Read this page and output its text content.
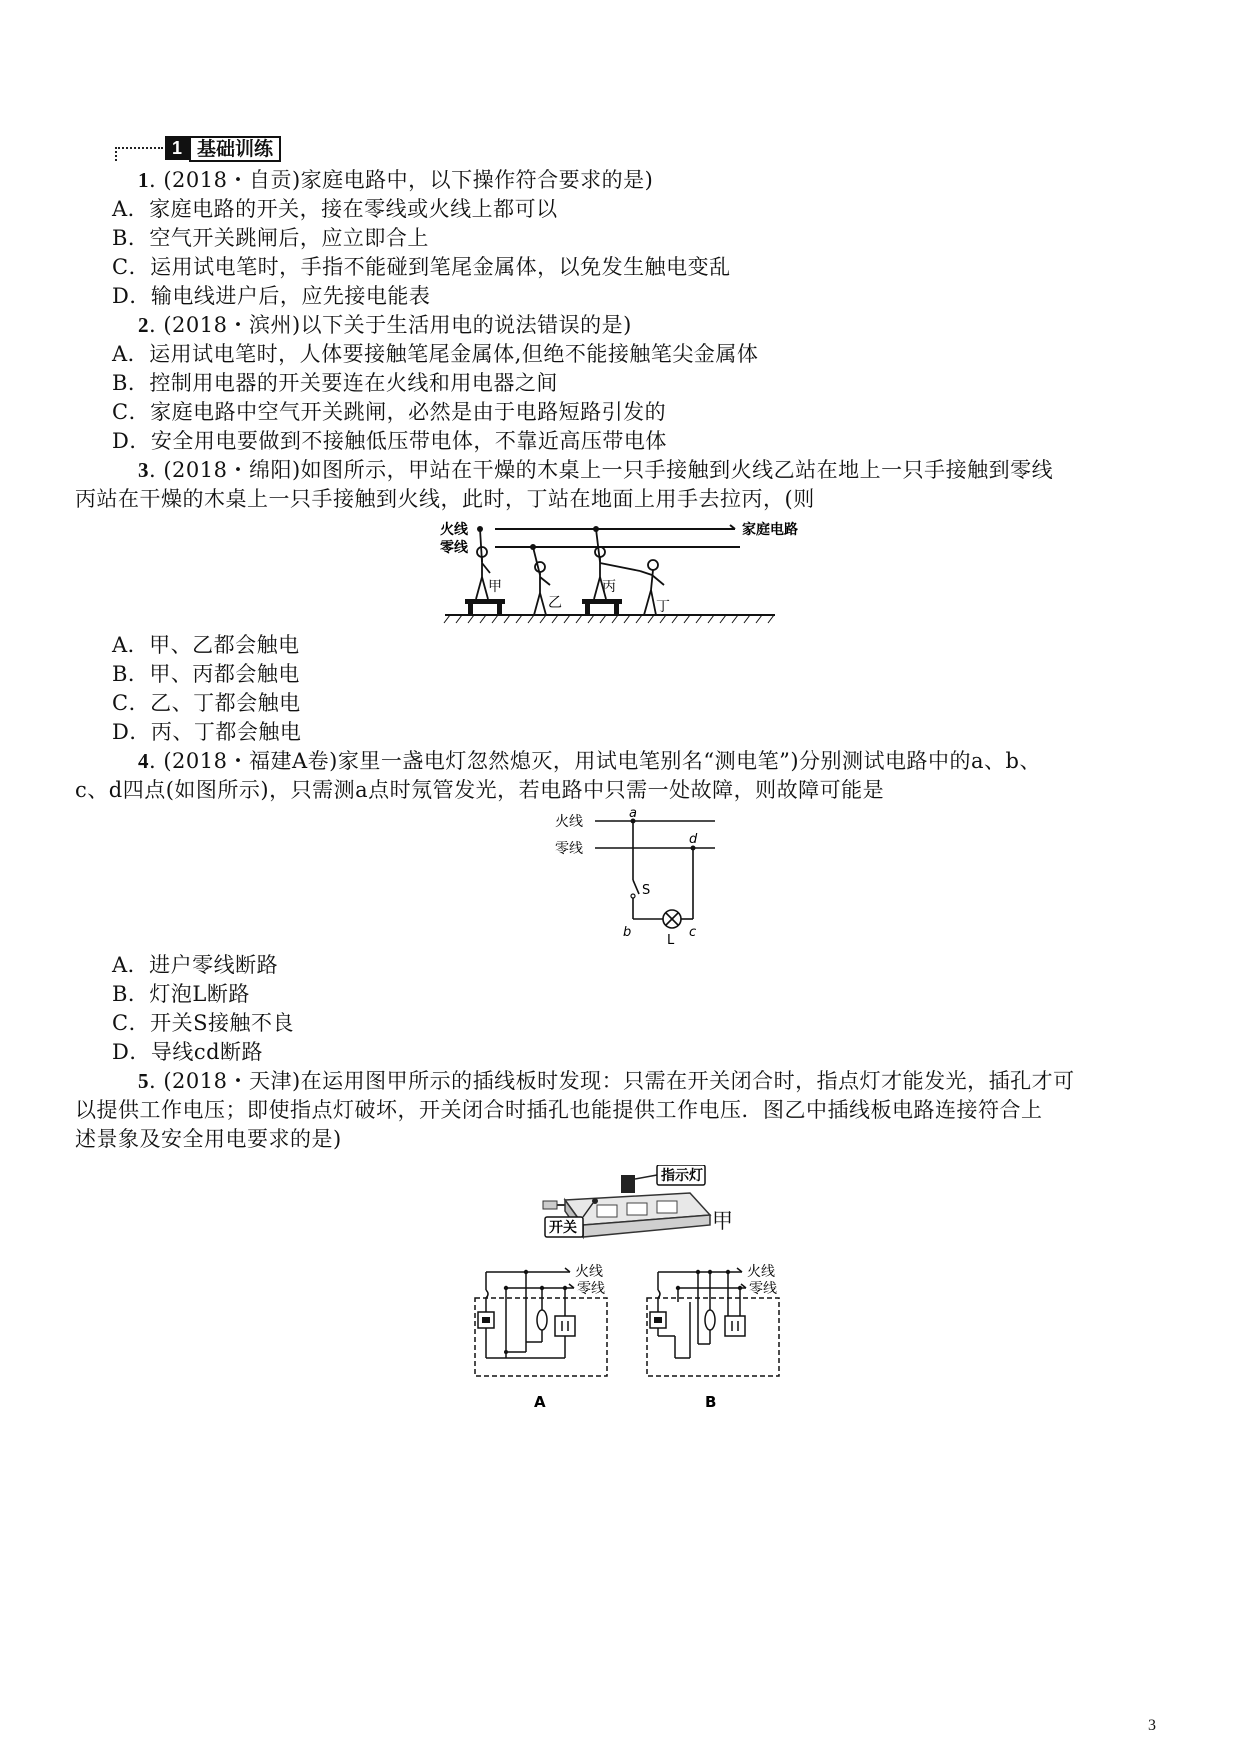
1 基础训练
1. (2018・自贡)家庭电路中，以下操作符合要求的是)
A．家庭电路的开关，接在零线或火线上都可以
B．空气开关跳闸后，应立即合上
C．运用试电笔时，手指不能碰到笔尾金属体，以免发生触电变乱
D．输电线进户后，应先接电能表
2. (2018・滨州)以下关于生活用电的说法错误的是)
A．运用试电笔时，人体要接触笔尾金属体,但绝不能接触笔尖金属体
B．控制用电器的开关要连在火线和用电器之间
C．家庭电路中空气开关跳闸，必然是由于电路短路引发的
D．安全用电要做到不接触低压带电体，不靠近高压带电体
3. (2018・绵阳)如图所示，甲站在干燥的木桌上一只手接触到火线乙站在地上一只手接触到零线
丙站在干燥的木桌上一只手接触到火线，此时，丁站在地面上用手去拉丙，(则
火线
零线
家庭电路
甲
乙
丙
丁
A．甲、乙都会触电
B．甲、丙都会触电
C．乙、丁都会触电
D．丙、丁都会触电
4. (2018・福建A卷)家里一盏电灯忽然熄灭，用试电笔别名“测电笔”)分别测试电路中的a、b、
c、d四点(如图所示)，只需测a点时氖管发光，若电路中只需一处故障，则故障可能是
火线
零线
a
b	c
d
S
L
A．进户零线断路
B．灯泡L断路
C．开关S接触不良
D．导线cd断路
5. (2018・天津)在运用图甲所示的插线板时发现：只需在开关闭合时，指点灯才能发光，插孔才可
以提供工作电压；即使指点灯破坏，开关闭合时插孔也能提供工作电压．图乙中插线板电路连接符合上
述景象及安全用电要求的是)
指示灯
开关	甲
火线
零线
A
火线
零线
B
3
